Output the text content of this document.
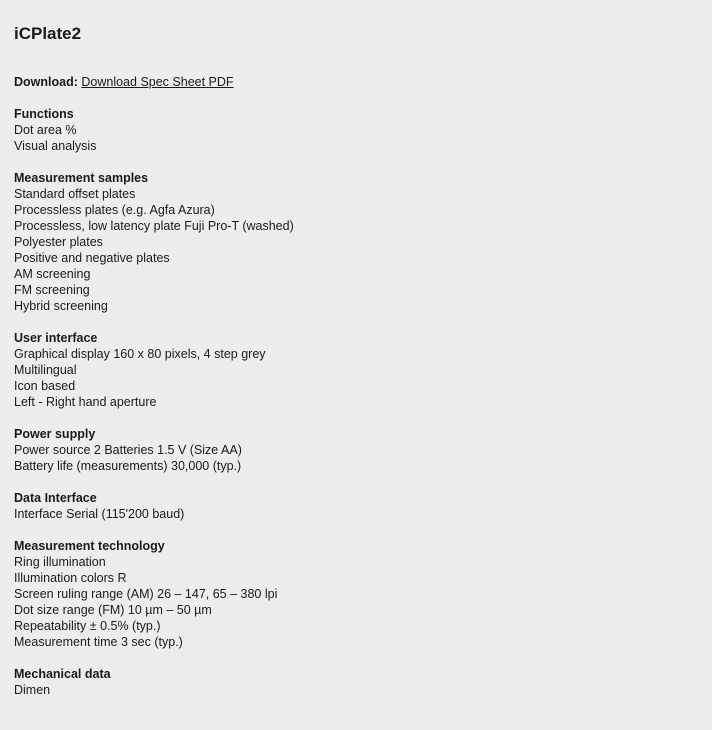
iCPlate2
Download: Download Spec Sheet PDF
Functions
Dot area %
Visual analysis
Measurement samples
Standard offset plates
Processless plates (e.g. Agfa Azura)
Processless, low latency plate Fuji Pro-T (washed)
Polyester plates
Positive and negative plates
AM screening
FM screening
Hybrid screening
User interface
Graphical display 160 x 80 pixels, 4 step grey
Multilingual
Icon based
Left - Right hand aperture
Power supply
Power source 2 Batteries 1.5 V (Size AA)
Battery life (measurements) 30,000 (typ.)
Data Interface
Interface Serial (115'200 baud)
Measurement technology
Ring illumination
Illumination colors R
Screen ruling range (AM) 26 – 147, 65 – 380 lpi
Dot size range (FM) 10 µm – 50 µm
Repeatability ± 0.5% (typ.)
Measurement time 3 sec (typ.)
Mechanical data
Dimen
